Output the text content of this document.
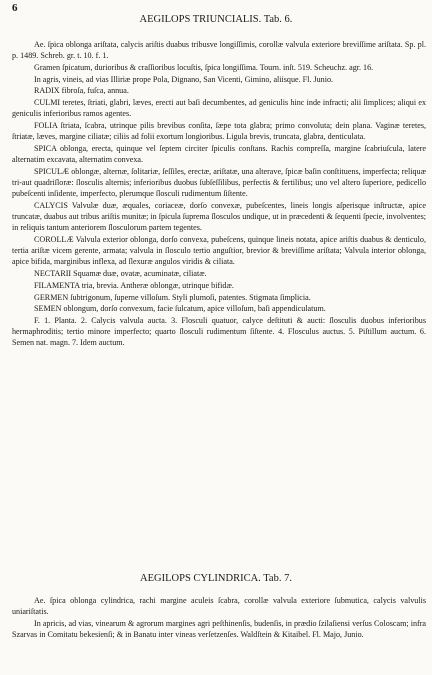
6
AEGILOPS TRIUNCIALIS. Tab. 6.

Ae. ſpica oblonga ariſtata, calycis ariſtis duabus tribusve longiſſimis, corollæ valvula exteriore breviſſime ariſtata. Sp. pl. p. 1489. Schreb. gr. t. 10. f. 1.

Gramen ſpicatum, durioribus & craſſioribus locuſtis, ſpica longiſſima. Tourn. inſt. 519. Scheuchz. agr. 16.

In agris, vineis, ad vias Illiriæ prope Pola, Dignano, San Vicenti, Gimino, aliisque. Fl. Junio.

RADIX fibroſa, fuſca, annua.

CULMI teretes, ſtriati, glabri, læves, erecti aut baſi decumbentes, ad geniculis hinc inde infracti; alii ſimplices; aliqui ex geniculis inferioribus ramos agentes.

FOLIA ſtriata, ſcabra, utrinque pilis brevibus conſita, ſæpe tota glabra; primo convoluta; dein plana. Vaginæ teretes, ſtriatæ, læves, margine ciliatæ; ciliis ad folii exortum longioribus. Ligula brevis, truncata, glabra, denticulata.

SPICA oblonga, erecta, quinque vel ſeptem circiter ſpiculis conſtans. Rachis compreſſa, margine ſcabriuſcula, latere alternatim excavata, alternatim convexa.

SPICULÆ oblongæ, alternæ, ſolitariæ, ſeſſiles, erectæ, ariſtatæ, una alterave, ſpicæ baſin conſtituens, imperfecta; reliquæ tri-aut quadriſloræ: ſlosculis alternis; inferioribus duobus ſubſeſſilibus, perfectis & fertilibus; uno vel altero ſuperiore, pedicello pubeſcenti inſidente, imperfecto, plerumque ſlosculi rudimentum ſiſtente.

CALYCIS Valvulæ duæ, æquales, coriaceæ, dorſo convexæ, pubeſcentes, lineis longis aſperisque inſtructæ, apice truncatæ, duabus aut tribus ariſtis munitæ; in ſpicula ſuprema ſlosculos undique, ut in præcedenti & ſequenti ſpecie, involventes; in reliquis tantum anteriorem ſlosculorum partem tegentes.

COROLLÆ Valvula exterior oblonga, dorſo convexa, pubeſcens, quinque lineis notata, apice ariſtis duabus & denticulo, tertia ariſtæ vicem gerente, armata; valvula in ſlosculo tertio anguſtior, brevior & breviſſime ariſtata; Valvula interior oblonga, apice bifida, marginibus inflexa, ad ſlexuræ angulos viridis & ciliata.

NECTARII Squamæ duæ, ovatæ, acuminatæ, ciliatæ.

FILAMENTA tria, brevia. Antheræ oblongæ, utrinque bifidæ.

GERMEN ſubtrigonum, ſuperne villoſum. Styli plumoſi, patentes. Stigmata ſimplicia.

SEMEN oblongum, dorſo convexum, facie ſulcatum, apice villoſum, baſi appendiculatum.

F. 1. Planta. 2. Calycis valvula aucta. 3. Flosculi quatuor, calyce deſtituti & aucti: ſlosculis duobus inferioribus hermaphroditis; tertio minore imperfecto; quarto ſlosculi rudimentum ſiſtente. 4. Flosculus auctus. 5. Piſtillum auctum. 6. Semen nat. magn. 7. Idem auctum.

AEGILOPS CYLINDRICA. Tab. 7.

Ae. ſpica oblonga cylindrica, rachi margine aculeis ſcabra, corollæ valvula exteriore ſubmutica, calycis valvulis uniariſtatis.

In apricis, ad vias, vinearum & agrorum margines agri peſthinenſis, budenſis, in prædio ſzilaſiensi verſus Coloscam; infra Szarvas in Comitatu bekesienſi; & in Banatu inter vineas verſetzenſes. Waldſtein & Kitaibel. Fl. Majo, Junio.
